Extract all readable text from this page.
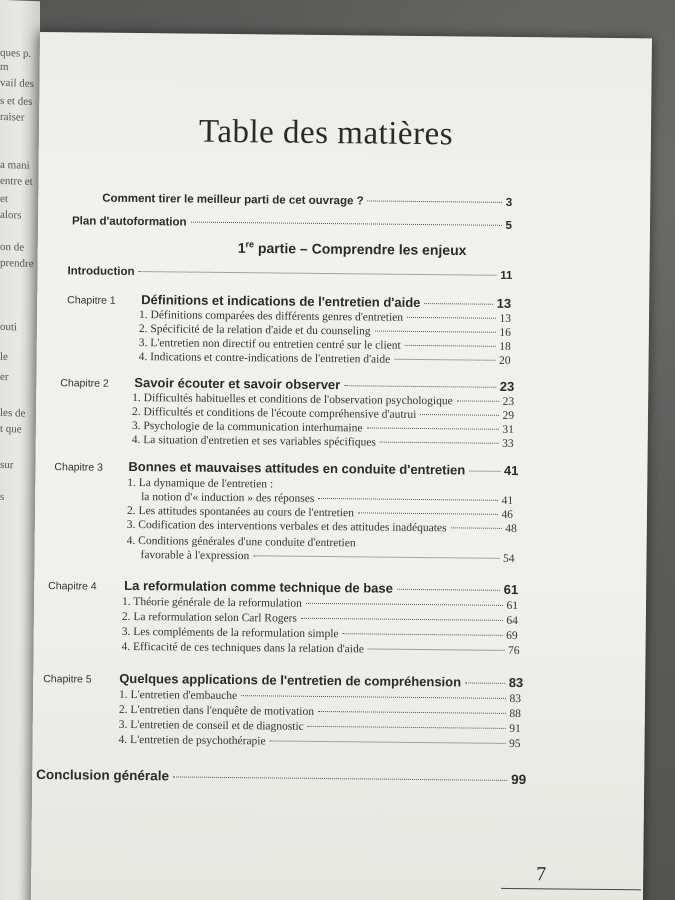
ques p.
m
vail des
s et des
raiser
a mani
entre et
et
alors
on de
prendre
outi
le
er
les de
t que
sur
s
Table des matières
Comment tirer le meilleur parti de cet ouvrage ?	3
Plan d'autoformation	5
1re partie – Comprendre les enjeux
Introduction	11
Chapitre 1 Définitions et indications de l'entretien d'aide	13
1. Définitions comparées des différents genres d'entretien	13
2. Spécificité de la relation d'aide et du counseling	16
3. L'entretien non directif ou entretien centré sur le client	18
4. Indications et contre-indications de l'entretien d'aide	20
Chapitre 2 Savoir écouter et savoir observer	23
1. Difficultés habituelles et conditions de l'observation psychologique	23
2. Difficultés et conditions de l'écoute compréhensive d'autrui	29
3. Psychologie de la communication interhumaine	31
4. La situation d'entretien et ses variables spécifiques	33
Chapitre 3 Bonnes et mauvaises attitudes en conduite d'entretien	41
1. La dynamique de l'entretien :
la notion d'« induction » des réponses	41
2. Les attitudes spontanées au cours de l'entretien	46
3. Codification des interventions verbales et des attitudes inadéquates	48
4. Conditions générales d'une conduite d'entretien
favorable à l'expression	54
Chapitre 4 La reformulation comme technique de base	61
1. Théorie générale de la reformulation	61
2. La reformulation selon Carl Rogers	64
3. Les compléments de la reformulation simple	69
4. Efficacité de ces techniques dans la relation d'aide	76
Chapitre 5 Quelques applications de l'entretien de compréhension	83
1. L'entretien d'embauche	83
2. L'entretien dans l'enquête de motivation	88
3. L'entretien de conseil et de diagnostic	91
4. L'entretien de psychothérapie	95
Conclusion générale	99
7
